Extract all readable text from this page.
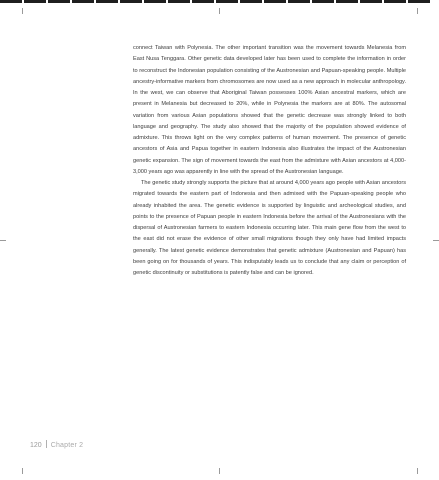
connect Taiwan with Polynesia. The other important transition was the movement towards Melanesia from East Nusa Tenggara. Other genetic data developed later has been used to complete the information in order to reconstruct the Indonesian population consisting of the Austronesian and Papuan-speaking people. Multiple ancestry-informative markers from chromosomes are now used as a new approach in molecular anthropology. In the west, we can observe that Aboriginal Taiwan possesses 100% Asian ancestral markers, which are present in Melanesia but decreased to 20%, while in Polynesia the markers are at 80%. The autosomal variation from various Asian populations showed that the genetic decrease was strongly linked to both language and geography. The study also showed that the majority of the population showed evidence of admixture. This throws light on the very complex patterns of human movement. The presence of genetic ancestors of Asia and Papua together in eastern Indonesia also illustrates the impact of the Austronesian genetic expansion. The sign of movement towards the east from the admixture with Asian ancestors at 4,000-3,000 years ago was apparently in line with the spread of the Austronesian language.

The genetic study strongly supports the picture that at around 4,000 years ago people with Asian ancestors migrated towards the eastern part of Indonesia and then admixed with the Papuan-speaking people who already inhabited the area. The genetic evidence is supported by linguistic and archeological studies, and points to the presence of Papuan people in eastern Indonesia before the arrival of the Austronesians with the dispersal of Austronesian farmers to eastern Indonesia occurring later. This main gene flow from the west to the east did not erase the evidence of other small migrations though they only have had limited impacts generally. The latest genetic evidence demonstrates that genetic admixture (Austronesian and Papuan) has been going on for thousands of years. This indisputably leads us to conclude that any claim or perception of genetic discontinuity or substitutions is patently false and can be ignored.

120 Chapter 2
